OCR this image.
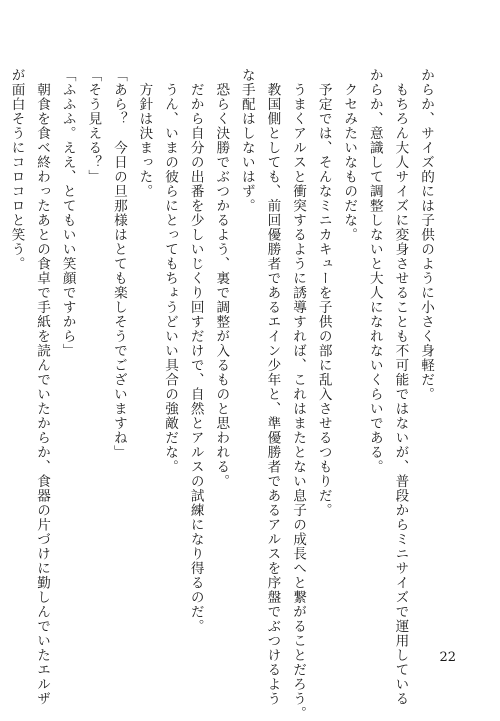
からか、サイズ的には子供のように小さく身軽だ。
　もちろん大人サイズに変身させることも不可能ではないが、普段からミニサイズで運用している
からか、意識して調整しないと大人になれないくらいである。
　クセみたいなものだな。
　予定では、そんなミニカキューを子供の部に乱入させるつもりだ。
　うまくアルスと衝突するように誘導すれば、これはまたとない息子の成長へと繋がることだろう。
　教国側としても、前回優勝者であるエイン少年と、準優勝者であるアルスを序盤でぶつけるよう
な手配はしないはず。
　恐らく決勝でぶつかるよう、裏で調整が入るものと思われる。
　だから自分の出番を少しいじくり回すだけで、自然とアルスの試練になり得るのだ。
　うん、いまの彼らにとってもちょうどいい具合の強敵だな。
　方針は決まった。
「あら？　今日の旦那様はとても楽しそうでございますね」
「そう見える？」
「ふふふ。ええ、とてもいい笑顔ですから」
　朝食を食べ終わったあとの食卓で手紙を読んでいたからか、食器の片づけに勤しんでいたエルザ
が面白そうにコロコロと笑う。
22
